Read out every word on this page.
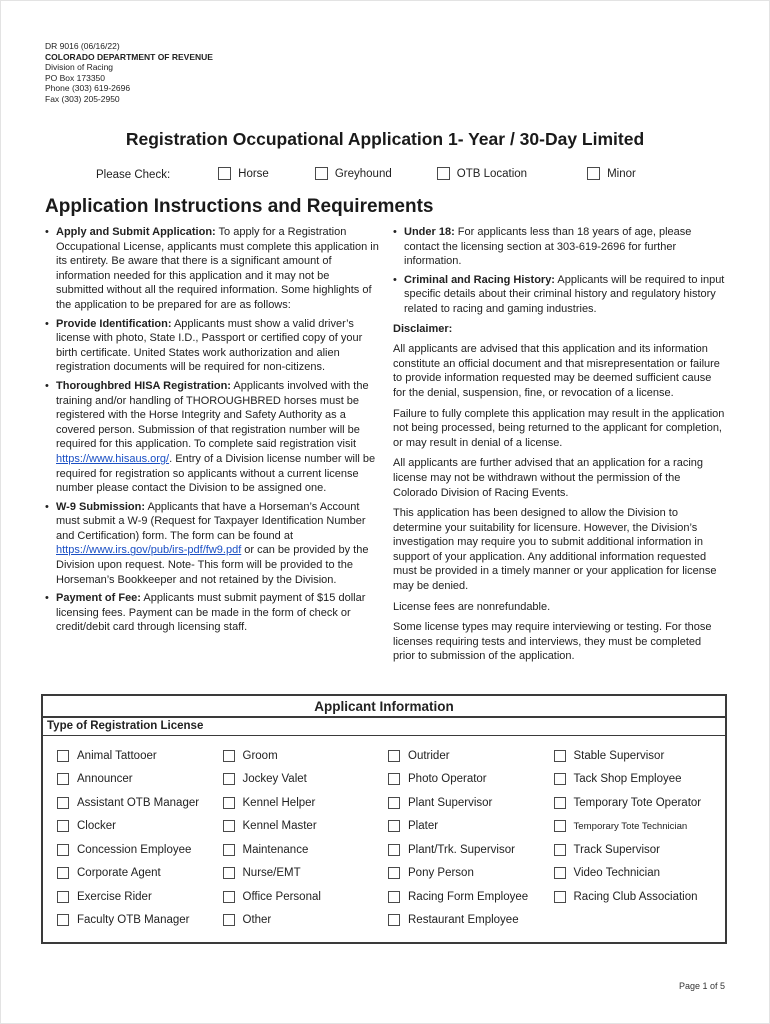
DR 9016 (06/16/22)
COLORADO DEPARTMENT OF REVENUE
Division of Racing
PO Box 173350
Phone (303) 619-2696
Fax (303) 205-2950
Registration Occupational Application 1- Year / 30-Day Limited
Please Check:	Horse	Greyhound	OTB Location	Minor
Application Instructions and Requirements
• Apply and Submit Application: To apply for a Registration Occupational License, applicants must complete this application in its entirety. Be aware that there is a significant amount of information needed for this application and it may not be submitted without all the required information. Some highlights of the application to be prepared for are as follows:
• Provide Identification: Applicants must show a valid driver’s license with photo, State I.D., Passport or certified copy of your birth certificate. United States work authorization and alien registration documents will be required for non-citizens.
• Thoroughbred HISA Registration: Applicants involved with the training and/or handling of THOROUGHBRED horses must be registered with the Horse Integrity and Safety Authority as a covered person. Submission of that registration number will be required for this application. To complete said registration visit https://www.hisaus.org/. Entry of a Division license number will be required for registration so applicants without a current license number please contact the Division to be assigned one.
• W-9 Submission: Applicants that have a Horseman’s Account must submit a W-9 (Request for Taxpayer Identification Number and Certification) form. The form can be found at https://www.irs.gov/pub/irs-pdf/fw9.pdf or can be provided by the Division upon request. Note- This form will be provided to the Horseman’s Bookkeeper and not retained by the Division.
• Payment of Fee: Applicants must submit payment of $15 dollar licensing fees. Payment can be made in the form of check or credit/debit card through licensing staff.
• Under 18: For applicants less than 18 years of age, please contact the licensing section at 303-619-2696 for further information.
• Criminal and Racing History: Applicants will be required to input specific details about their criminal history and regulatory history related to racing and gaming industries.
Disclaimer:
All applicants are advised that this application and its information constitute an official document and that misrepresentation or failure to provide information requested may be deemed sufficient cause for the denial, suspension, fine, or revocation of a license.
Failure to fully complete this application may result in the application not being processed, being returned to the applicant for completion, or may result in denial of a license.
All applicants are further advised that an application for a racing license may not be withdrawn without the permission of the Colorado Division of Racing Events.
This application has been designed to allow the Division to determine your suitability for licensure. However, the Division’s investigation may require you to submit additional information in support of your application. Any additional information requested must be provided in a timely manner or your application for license may be denied.
License fees are nonrefundable.
Some license types may require interviewing or testing. For those licenses requiring tests and interviews, they must be completed prior to submission of the application.
Applicant Information
Type of Registration License
Animal Tattooer
Announcer
Assistant OTB Manager
Clocker
Concession Employee
Corporate Agent
Exercise Rider
Faculty OTB Manager
Groom
Jockey Valet
Kennel Helper
Kennel Master
Maintenance
Nurse/EMT
Office Personal
Other
Outrider
Photo Operator
Plant Supervisor
Plater
Plant/Trk. Supervisor
Pony Person
Racing Form Employee
Restaurant Employee
Stable Supervisor
Tack Shop Employee
Temporary Tote Operator
Temporary Tote Technician
Track Supervisor
Video Technician
Racing Club Association
Page 1 of 5
